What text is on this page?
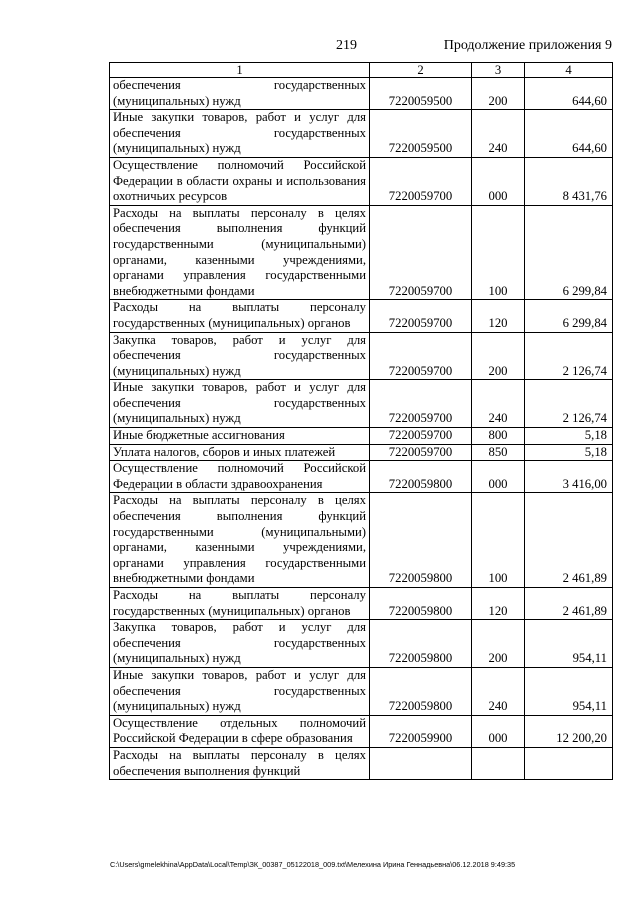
219	Продолжение приложения 9
1	2	3	4
обеспечения государственных (муниципальных) нужд	7220059500	200	644,60
Иные закупки товаров, работ и услуг для обеспечения государственных (муниципальных) нужд	7220059500	240	644,60
Осуществление полномочий Российской Федерации в области охраны и использования охотничьих ресурсов	7220059700	000	8 431,76
Расходы на выплаты персоналу в целях обеспечения выполнения функций государственными (муниципальными) органами, казенными учреждениями, органами управления государственными внебюджетными фондами	7220059700	100	6 299,84
Расходы на выплаты персоналу государственных (муниципальных) органов	7220059700	120	6 299,84
Закупка товаров, работ и услуг для обеспечения государственных (муниципальных) нужд	7220059700	200	2 126,74
Иные закупки товаров, работ и услуг для обеспечения государственных (муниципальных) нужд	7220059700	240	2 126,74
Иные бюджетные ассигнования	7220059700	800	5,18
Уплата налогов, сборов и иных платежей	7220059700	850	5,18
Осуществление полномочий Российской Федерации в области здравоохранения	7220059800	000	3 416,00
Расходы на выплаты персоналу в целях обеспечения выполнения функций государственными (муниципальными) органами, казенными учреждениями, органами управления государственными внебюджетными фондами	7220059800	100	2 461,89
Расходы на выплаты персоналу государственных (муниципальных) органов	7220059800	120	2 461,89
Закупка товаров, работ и услуг для обеспечения государственных (муниципальных) нужд	7220059800	200	954,11
Иные закупки товаров, работ и услуг для обеспечения государственных (муниципальных) нужд	7220059800	240	954,11
Осуществление отдельных полномочий Российской Федерации в сфере образования	7220059900	000	12 200,20
Расходы на выплаты персоналу в целях обеспечения выполнения функций			
C:\Users\gmelekhina\AppData\Local\Temp\ЗК_00387_05122018_009.txt\Мелехина Ирина Геннадьевна\06.12.2018 9:49:35
